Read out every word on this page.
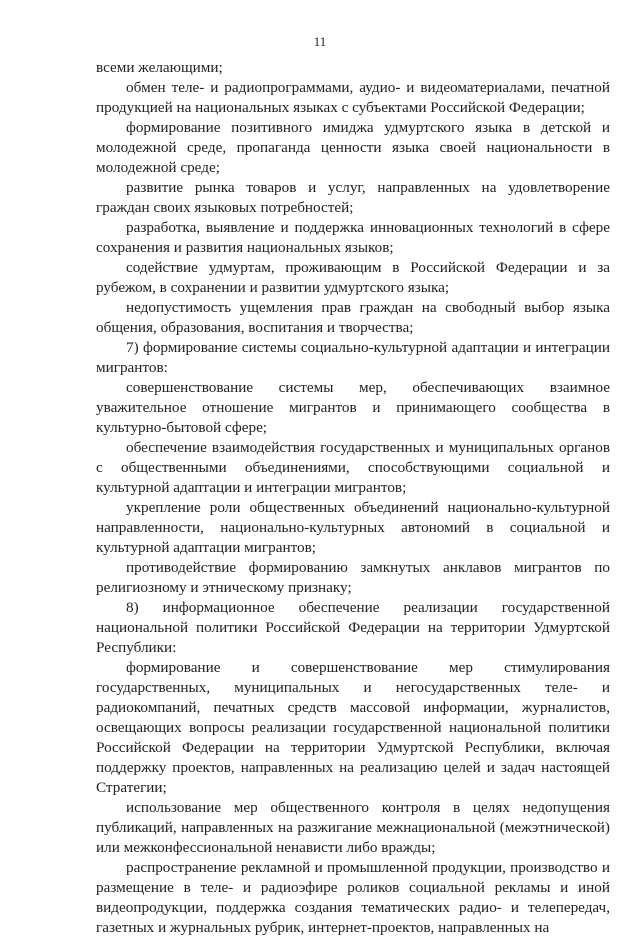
11

всеми желающими;

обмен теле- и радиопрограммами, аудио- и видеоматериалами, печатной продукцией на национальных языках с субъектами Российской Федерации;

формирование позитивного имиджа удмуртского языка в детской и молодежной среде, пропаганда ценности языка своей национальности в молодежной среде;

развитие рынка товаров и услуг, направленных на удовлетворение граждан своих языковых потребностей;

разработка, выявление и поддержка инновационных технологий в сфере сохранения и развития национальных языков;

содействие удмуртам, проживающим в Российской Федерации и за рубежом, в сохранении и развитии удмуртского языка;

недопустимость ущемления прав граждан на свободный выбор языка общения, образования, воспитания и творчества;

7) формирование системы социально-культурной адаптации и интеграции мигрантов:

совершенствование системы мер, обеспечивающих взаимное уважительное отношение мигрантов и принимающего сообщества в культурно-бытовой сфере;

обеспечение взаимодействия государственных и муниципальных органов с общественными объединениями, способствующими социальной и культурной адаптации и интеграции мигрантов;

укрепление роли общественных объединений национально-культурной направленности, национально-культурных автономий в социальной и культурной адаптации мигрантов;

противодействие формированию замкнутых анклавов мигрантов по религиозному и этническому признаку;

8) информационное обеспечение реализации государственной национальной политики Российской Федерации на территории Удмуртской Республики:

формирование и совершенствование мер стимулирования государственных, муниципальных и негосударственных теле- и радиокомпаний, печатных средств массовой информации, журналистов, освещающих вопросы реализации государственной национальной политики Российской Федерации на территории Удмуртской Республики, включая поддержку проектов, направленных на реализацию целей и задач настоящей Стратегии;

использование мер общественного контроля в целях недопущения публикаций, направленных на разжигание межнациональной (межэтнической) или межконфессиональной ненависти либо вражды;

распространение рекламной и промышленной продукции, производство и размещение в теле- и радиоэфире роликов социальной рекламы и иной видеопродукции, поддержка создания тематических радио- и телепередач, газетных и журнальных рубрик, интернет-проектов, направленных на
